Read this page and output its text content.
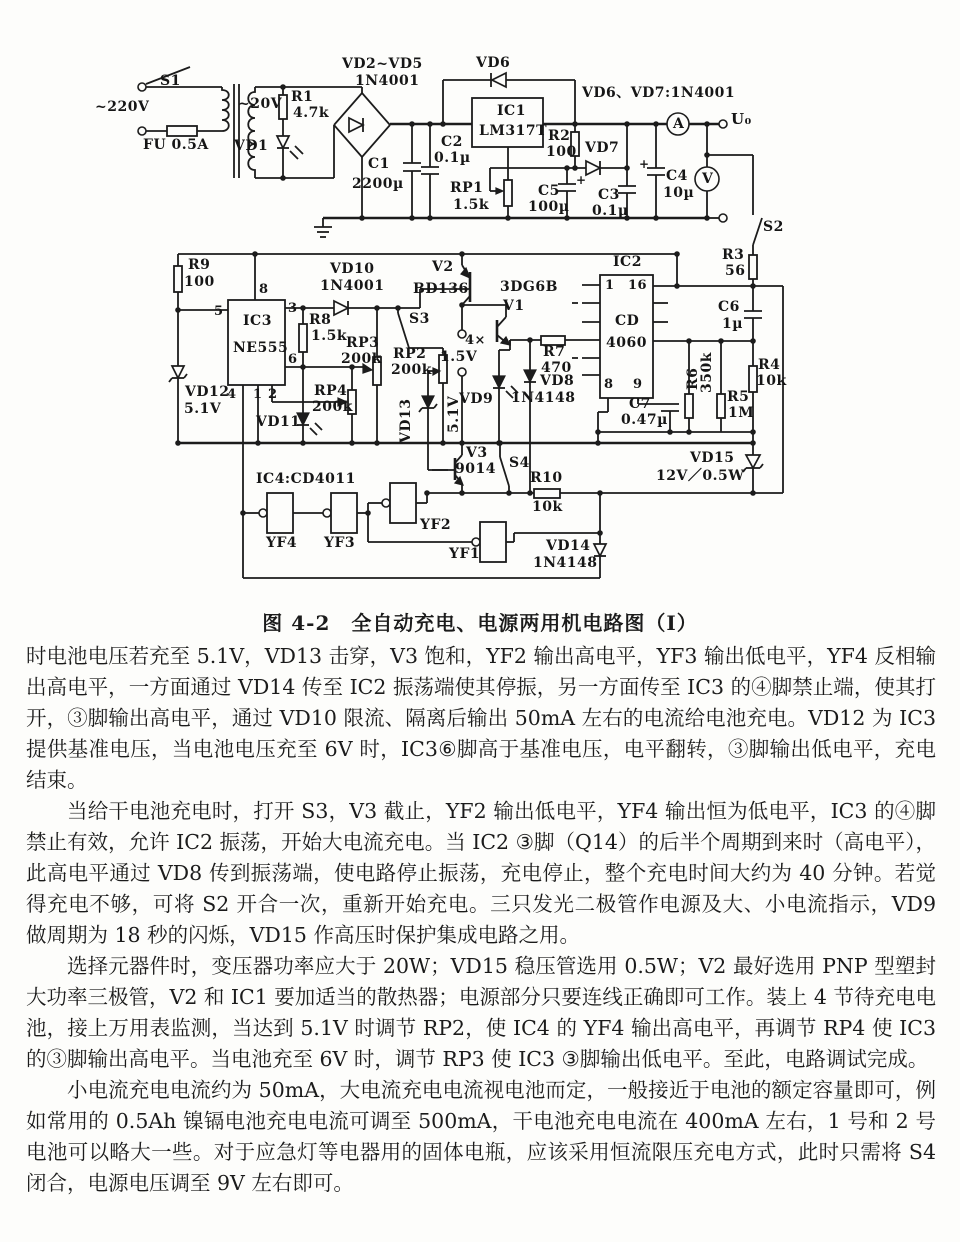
S1
~220V
FU 0.5A
~20V R1
4.7k
VD1
VD2~VD5
1N4001
C1
2200µ
C2
0.1µ
VD6
IC1
LM317T
VD6、VD7:1N4001
R2
100 VD7
RP1
1.5k
C5
100µ
C3
0.1µ
C4
10µ
+
+
A
V
U₀
S2
R9
100	8
5	3
6
4 1 2
IC3
NE555
VD12
5.1V
VD10
1N4001
R8
1.5k
RP3
200k
RP4
200k
VD11
S3
RP2
200k
VD13 5.1V
V2
BD136 3DG6B
V1
4×
1.5V
VD9
R7
470
VD8
1N4148
IC2
1 16
CD
4060
8 9
R3
56
C6
1µ
R4
10k
R6
350k
R5
1M
C7
0.47µ
IC4:CD4011
YF4 YF3
YF2
YF1
V3
9014 S4
R10
10k
VD14
1N4148
VD15
12V／0.5W

图 4-2　全自动充电、电源两用机电路图（Ⅰ）

时电池电压若充至 5.1V，VD13 击穿，V3 饱和，YF2 输出高电平，YF3 输出低电平，YF4 反相输出高电平，一方面通过 VD14 传至 IC2 振荡端使其停振，另一方面传至 IC3 的④脚禁止端，使其打开，③脚输出高电平，通过 VD10 限流、隔离后输出 50mA 左右的电流给电池充电。VD12 为 IC3 提供基准电压，当电池电压充至 6V 时，IC3⑥脚高于基准电压，电平翻转，③脚输出低电平，充电结束。

当给干电池充电时，打开 S3，V3 截止，YF2 输出低电平，YF4 输出恒为低电平，IC3 的④脚禁止有效，允许 IC2 振荡，开始大电流充电。当 IC2 ③脚（Q14）的后半个周期到来时（高电平），此高电平通过 VD8 传到振荡端，使电路停止振荡，充电停止，整个充电时间大约为 40 分钟。若觉得充电不够，可将 S2 开合一次，重新开始充电。三只发光二极管作电源及大、小电流指示，VD9 做周期为 18 秒的闪烁，VD15 作高压时保护集成电路之用。

选择元器件时，变压器功率应大于 20W；VD15 稳压管选用 0.5W；V2 最好选用 PNP 型塑封大功率三极管，V2 和 IC1 要加适当的散热器；电源部分只要连线正确即可工作。装上 4 节待充电电池，接上万用表监测，当达到 5.1V 时调节 RP2，使 IC4 的 YF4 输出高电平，再调节 RP4 使 IC3 的③脚输出高电平。当电池充至 6V 时，调节 RP3 使 IC3 ③脚输出低电平。至此，电路调试完成。

小电流充电电流约为 50mA，大电流充电电流视电池而定，一般接近于电池的额定容量即可，例如常用的 0.5Ah 镍镉电池充电电流可调至 500mA，干电池充电电流在 400mA 左右，1 号和 2 号电池可以略大一些。对于应急灯等电器用的固体电瓶，应该采用恒流限压充电方式，此时只需将 S4 闭合，电源电压调至 9V 左右即可。
